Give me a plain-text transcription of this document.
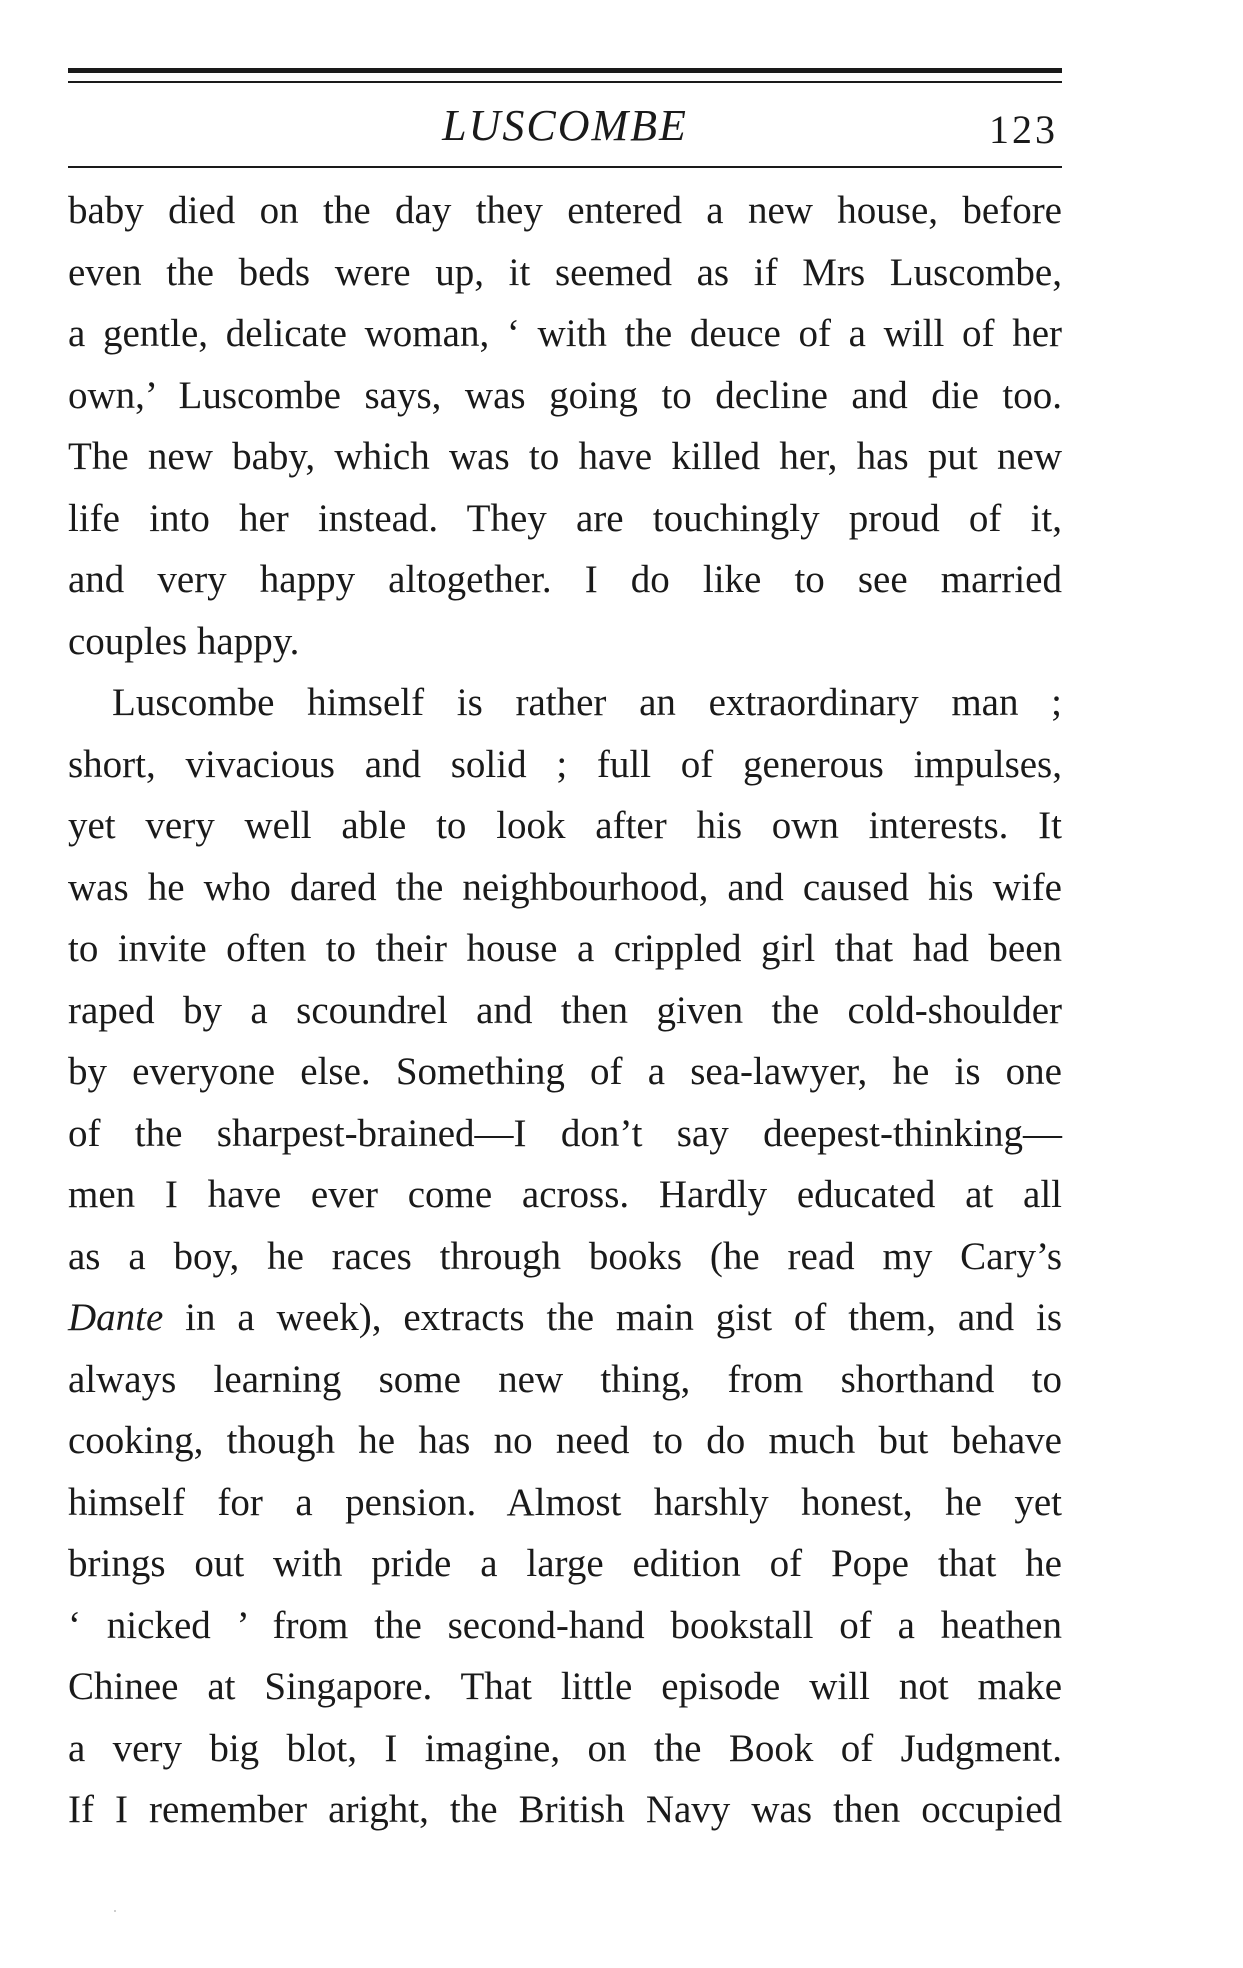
LUSCOMBE	123
baby died on the day they entered a new house, before
even the beds were up, it seemed as if Mrs Luscombe,
a gentle, delicate woman, ‘ with the deuce of a will of her
own,’ Luscombe says, was going to decline and die too.
The new baby, which was to have killed her, has put new
life into her instead. They are touchingly proud of it,
and very happy altogether. I do like to see married
couples happy.
Luscombe himself is rather an extraordinary man ;
short, vivacious and solid ; full of generous impulses,
yet very well able to look after his own interests. It
was he who dared the neighbourhood, and caused his wife
to invite often to their house a crippled girl that had been
raped by a scoundrel and then given the cold-shoulder
by everyone else. Something of a sea-lawyer, he is one
of the sharpest-brained—I don’t say deepest-thinking—
men I have ever come across. Hardly educated at all
as a boy, he races through books (he read my Cary’s
Dante in a week), extracts the main gist of them, and is
always learning some new thing, from shorthand to
cooking, though he has no need to do much but behave
himself for a pension. Almost harshly honest, he yet
brings out with pride a large edition of Pope that he
‘ nicked ’ from the second-hand bookstall of a heathen
Chinee at Singapore. That little episode will not make
a very big blot, I imagine, on the Book of Judgment.
If I remember aright, the British Navy was then occupied
